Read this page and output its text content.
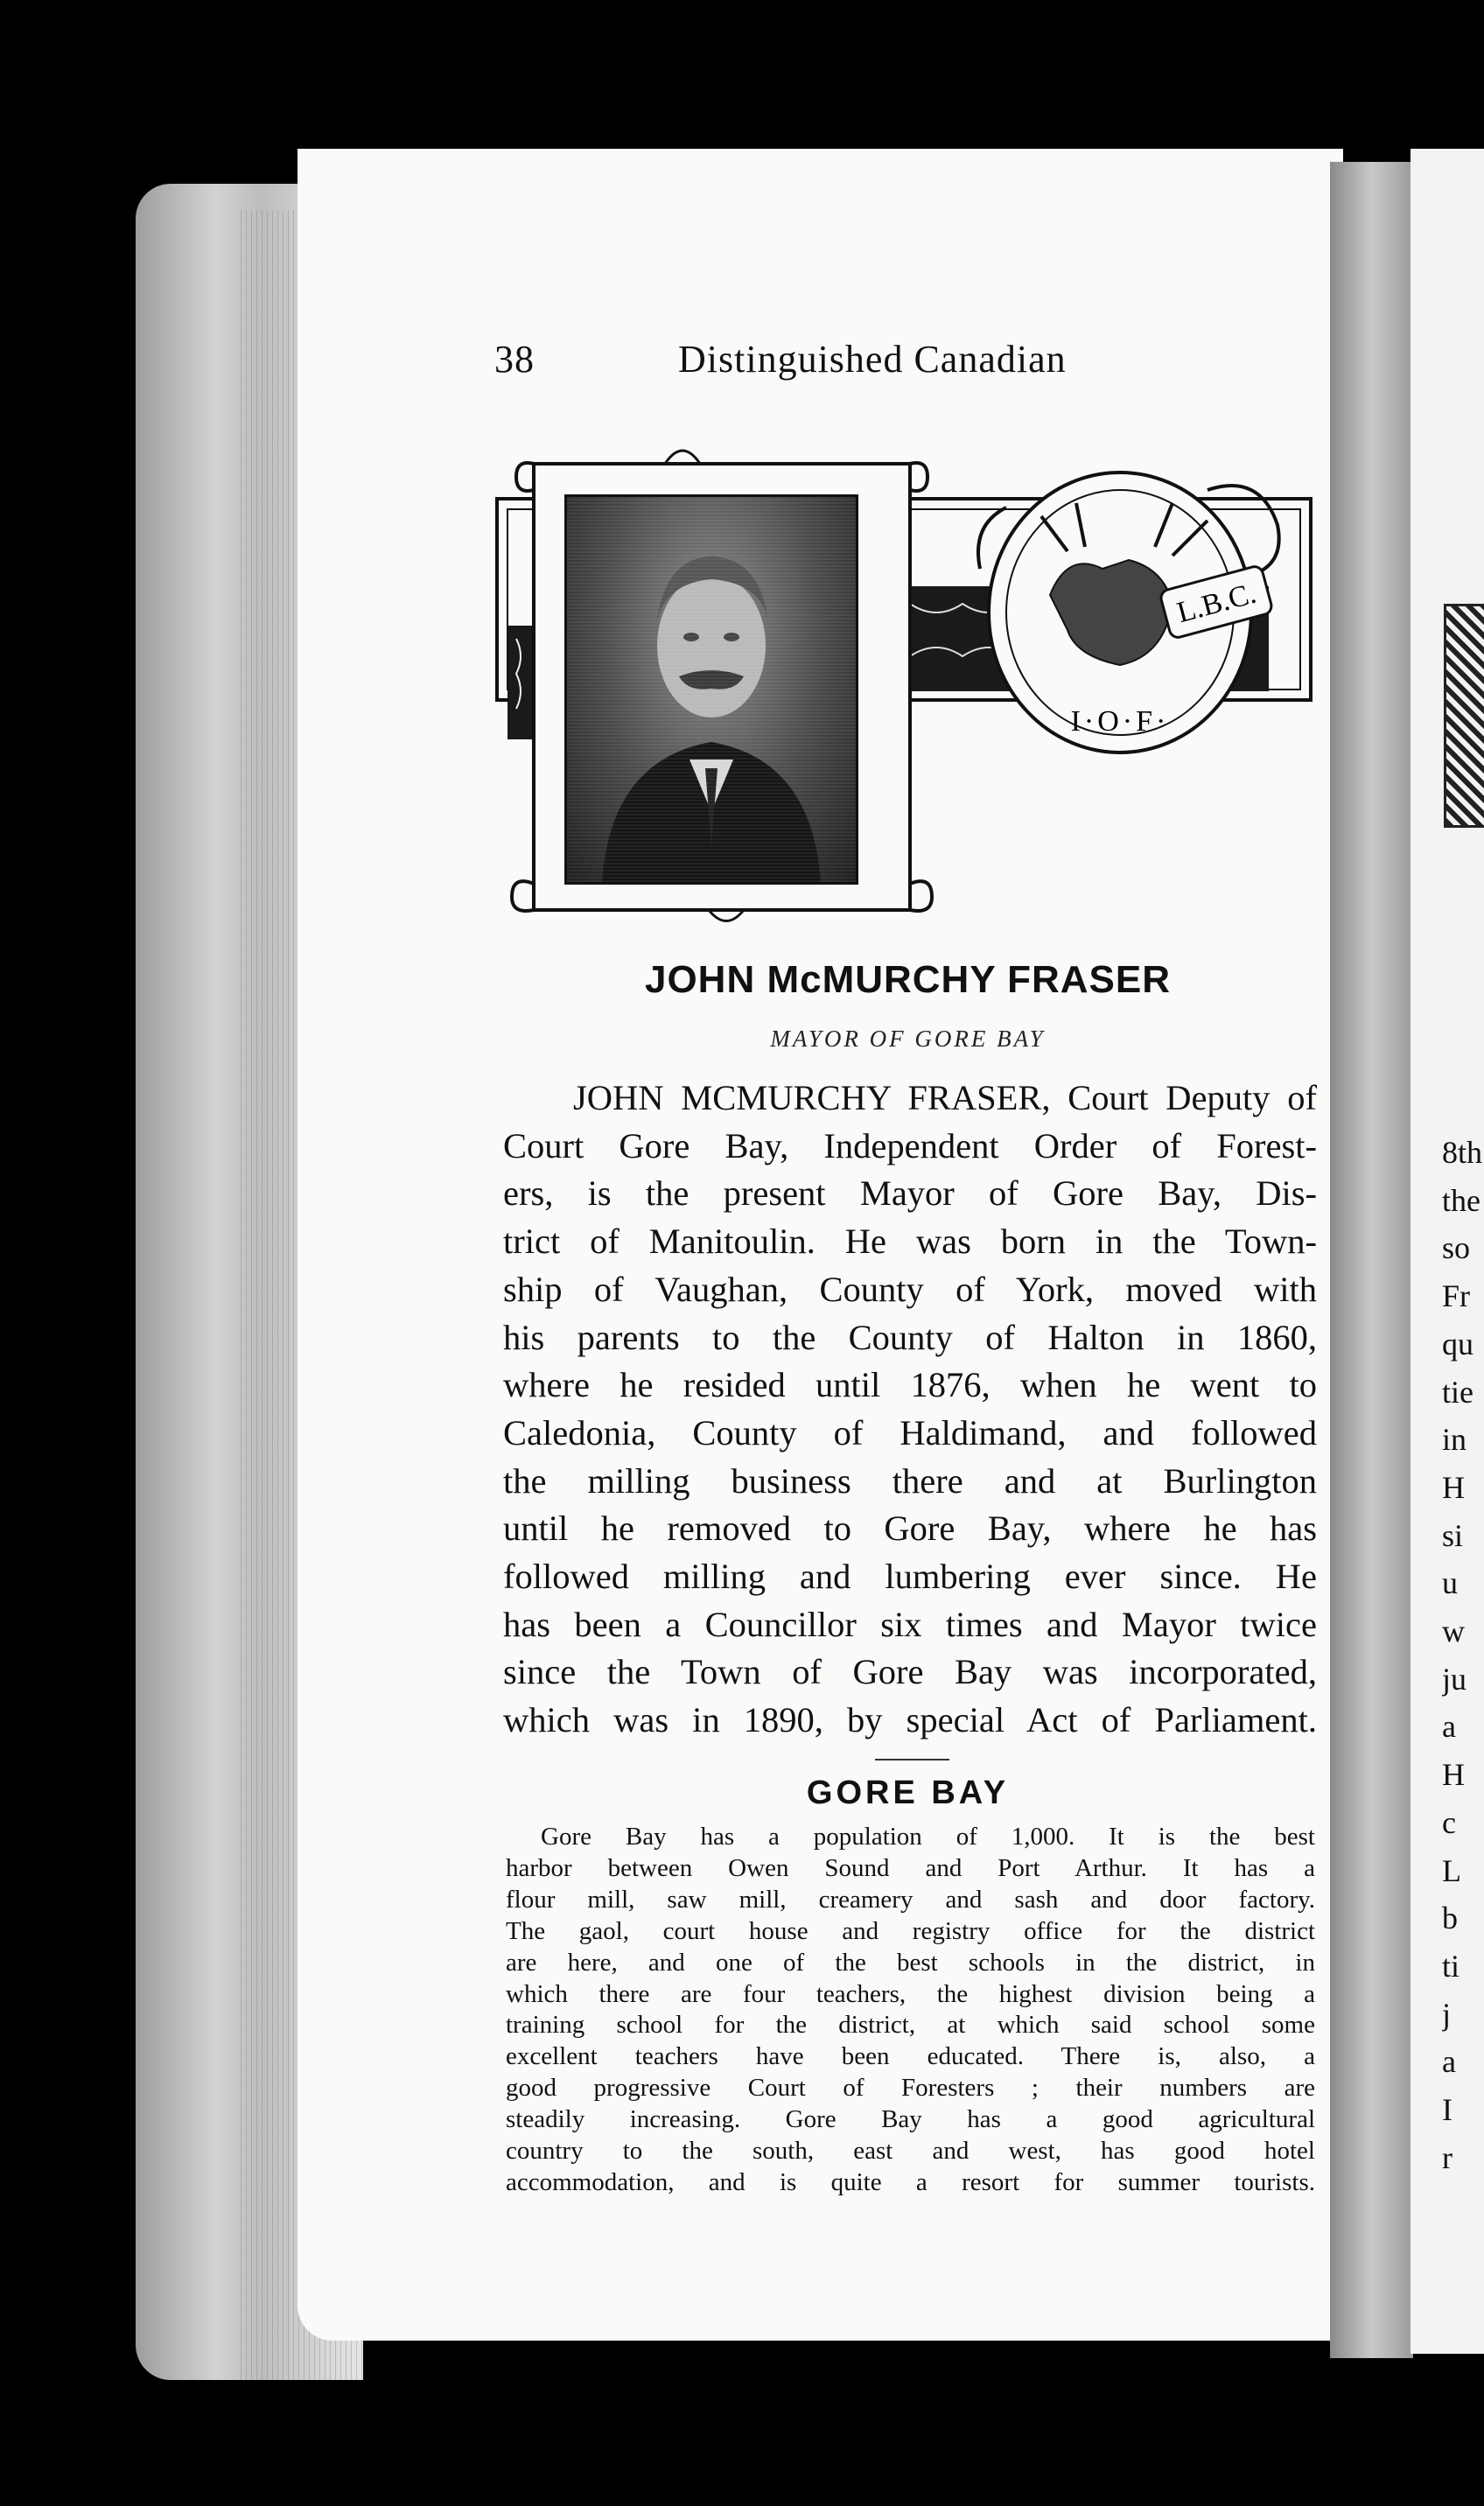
8th
the
so
Fr
qu
tie
in
H
si
u
w
ju
a
H
c
L
b
ti
j
a
I
r
38	Distinguished Canadian
L.B.C.
I·O·F·
JOHN McMURCHY FRASER
MAYOR OF GORE BAY
JOHN MCMURCHY FRASER, Court Deputy of
Court Gore Bay, Independent Order of Forest-
ers, is the present Mayor of Gore Bay, Dis-
trict of Manitoulin. He was born in the Town-
ship of Vaughan, County of York, moved with
his parents to the County of Halton in 1860,
where he resided until 1876, when he went to
Caledonia, County of Haldimand, and followed
the milling business there and at Burlington
until he removed to Gore Bay, where he has
followed milling and lumbering ever since. He
has been a Councillor six times and Mayor twice
since the Town of Gore Bay was incorporated,
which was in 1890, by special Act of Parliament.
GORE BAY
Gore Bay has a population of 1,000. It is the best
harbor between Owen Sound and Port Arthur. It has a
flour mill, saw mill, creamery and sash and door factory.
The gaol, court house and registry office for the district
are here, and one of the best schools in the district, in
which there are four teachers, the highest division being a
training school for the district, at which said school some
excellent teachers have been educated. There is, also, a
good progressive Court of Foresters ; their numbers are
steadily increasing. Gore Bay has a good agricultural
country to the south, east and west, has good hotel
accommodation, and is quite a resort for summer tourists.
